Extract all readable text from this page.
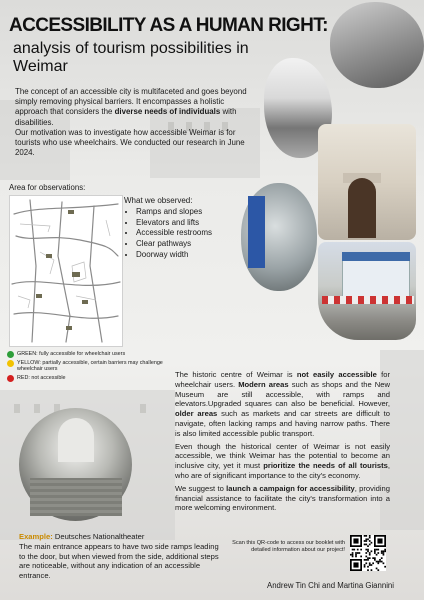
ACCESSIBILITY AS A HUMAN RIGHT:
analysis of tourism possibilities in Weimar

The concept of an accessible city is multifaceted and goes beyond simply removing physical barriers. It encompasses a holistic approach that considers the diverse needs of individuals with disabilities.

Our motivation was to investigate how accessible Weimar is for tourists who use wheelchairs. We conducted our research in June 2024.

Area for observations:

What we observed:
• Ramps and slopes
• Elevators and lifts
• Accessible restrooms
• Clear pathways
• Doorway width
GREEN: fully accessible for wheelchair users
YELLOW: partially accessible, certain barriers may challenge wheelchair users
RED: not accessible	The historic centre of Weimar is not easily accessible for wheelchair users. Modern areas such as shops and the New Museum are still accessible, with ramps and elevators.Upgraded squares can also be beneficial. However, older areas such as markets and car streets are difficult to navigate, often lacking ramps and having narrow paths. There is also limited accessible public transport.

Even though the historical center of Weimar is not easily accessible, we think Weimar has the potential to become an inclusive city, yet it must prioritize the needs of all tourists, who are of significant importance to the city's economy.

We suggest to launch a campaign for accessibility, providing financial assistance to facilitate the city's transformation into a more welcoming environment.

Example: Deutsches Nationaltheater

The main entrance appears to have two side ramps leading to the door, but when viewed from the side, additional steps are noticeable, without any indication of an accessible entrance.

Scan this QR-code to access our booklet with detailed information about our project!
Andrew Tin Chi and Martina Giannini
